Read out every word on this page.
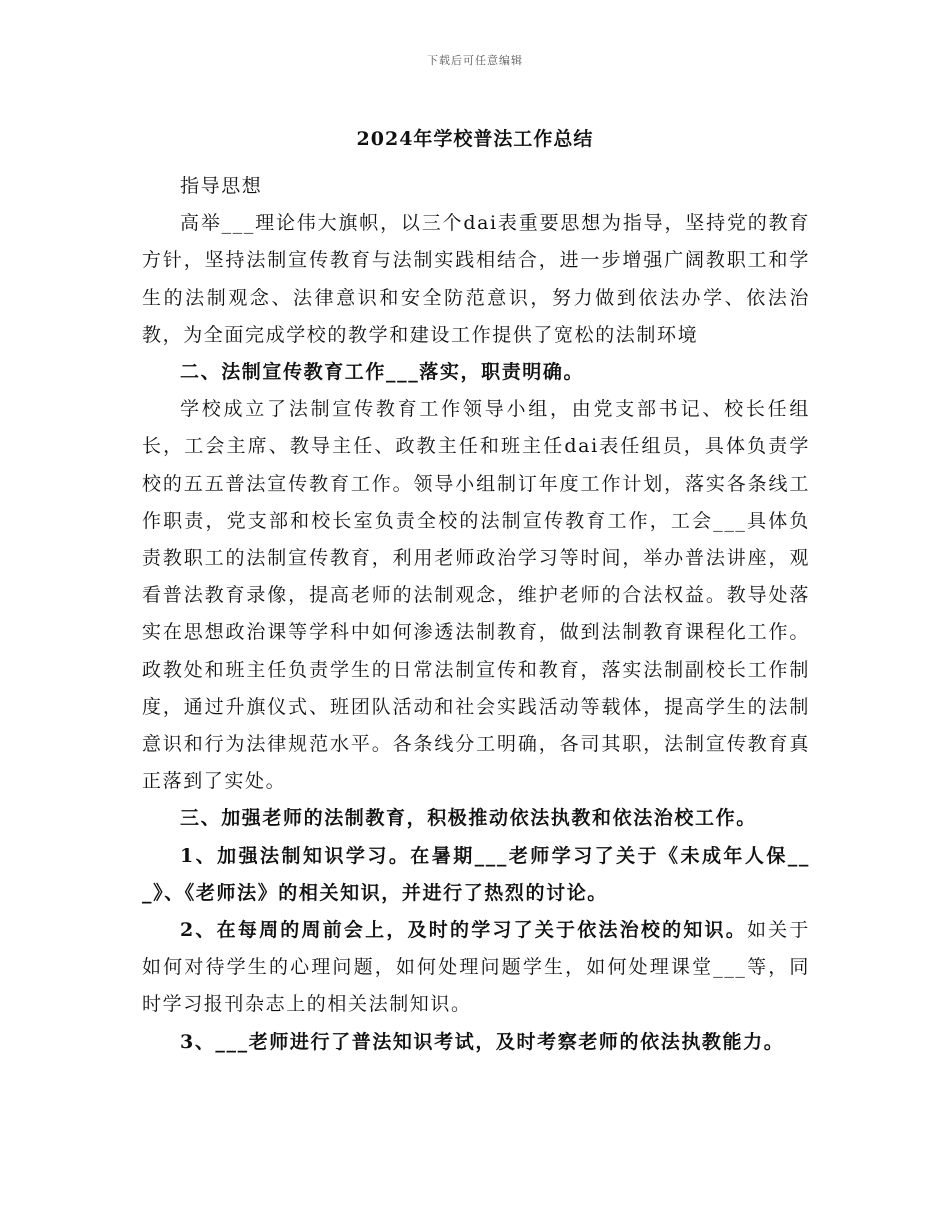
下载后可任意编辑
2024年学校普法工作总结

指导思想

高举___理论伟大旗帜，以三个dai表重要思想为指导，坚持党的教育方针，坚持法制宣传教育与法制实践相结合，进一步增强广阔教职工和学生的法制观念、法律意识和安全防范意识，努力做到依法办学、依法治教，为全面完成学校的教学和建设工作提供了宽松的法制环境

二、法制宣传教育工作___落实，职责明确。

学校成立了法制宣传教育工作领导小组，由党支部书记、校长任组长，工会主席、教导主任、政教主任和班主任dai表任组员，具体负责学校的五五普法宣传教育工作。领导小组制订年度工作计划，落实各条线工作职责，党支部和校长室负责全校的法制宣传教育工作，工会___具体负责教职工的法制宣传教育，利用老师政治学习等时间，举办普法讲座，观看普法教育录像，提高老师的法制观念，维护老师的合法权益。教导处落实在思想政治课等学科中如何渗透法制教育，做到法制教育课程化工作。政教处和班主任负责学生的日常法制宣传和教育，落实法制副校长工作制度，通过升旗仪式、班团队活动和社会实践活动等载体，提高学生的法制意识和行为法律规范水平。各条线分工明确，各司其职，法制宣传教育真正落到了实处。

三、加强老师的法制教育，积极推动依法执教和依法治校工作。

1、加强法制知识学习。在暑期___老师学习了关于《未成年人保___》、《老师法》的相关知识，并进行了热烈的讨论。

2、在每周的周前会上，及时的学习了关于依法治校的知识。如关于如何对待学生的心理问题，如何处理问题学生，如何处理课堂___等，同时学习报刊杂志上的相关法制知识。

3、___老师进行了普法知识考试，及时考察老师的依法执教能力。
